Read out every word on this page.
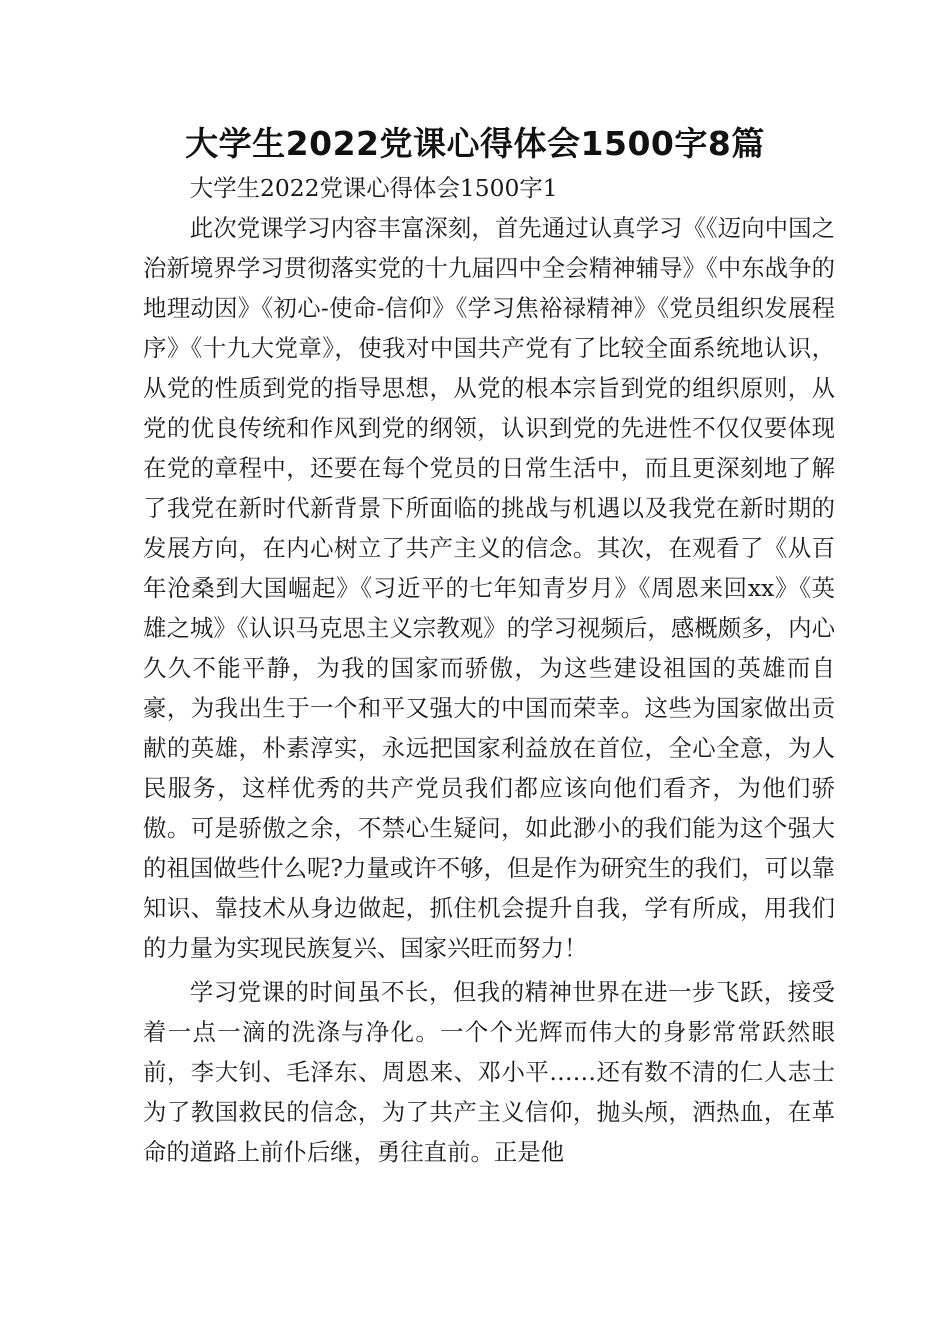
大学生2022党课心得体会1500字8篇

大学生2022党课心得体会1500字1

此次党课学习内容丰富深刻，首先通过认真学习《《迈向中国之治新境界学习贯彻落实党的十九届四中全会精神辅导》《中东战争的地理动因》《初心-使命-信仰》《学习焦裕禄精神》《党员组织发展程序》《十九大党章》，使我对中国共产党有了比较全面系统地认识，从党的性质到党的指导思想，从党的根本宗旨到党的组织原则，从党的优良传统和作风到党的纲领，认识到党的先进性不仅仅要体现在党的章程中，还要在每个党员的日常生活中，而且更深刻地了解了我党在新时代新背景下所面临的挑战与机遇以及我党在新时期的发展方向，在内心树立了共产主义的信念。其次，在观看了《从百年沧桑到大国崛起》《习近平的七年知青岁月》《周恩来回xx》《英雄之城》《认识马克思主义宗教观》的学习视频后，感概颇多，内心久久不能平静，为我的国家而骄傲，为这些建设祖国的英雄而自豪，为我出生于一个和平又强大的中国而荣幸。这些为国家做出贡献的英雄，朴素淳实，永远把国家利益放在首位，全心全意，为人民服务，这样优秀的共产党员我们都应该向他们看齐，为他们骄傲。可是骄傲之余，不禁心生疑问，如此渺小的我们能为这个强大的祖国做些什么呢?力量或许不够，但是作为研究生的我们，可以靠知识、靠技术从身边做起，抓住机会提升自我，学有所成，用我们的力量为实现民族复兴、国家兴旺而努力！

学习党课的时间虽不长，但我的精神世界在进一步飞跃，接受着一点一滴的洗涤与净化。一个个光辉而伟大的身影常常跃然眼前，李大钊、毛泽东、周恩来、邓小平……还有数不清的仁人志士为了教国救民的信念，为了共产主义信仰，抛头颅，洒热血，在革命的道路上前仆后继，勇往直前。正是他
